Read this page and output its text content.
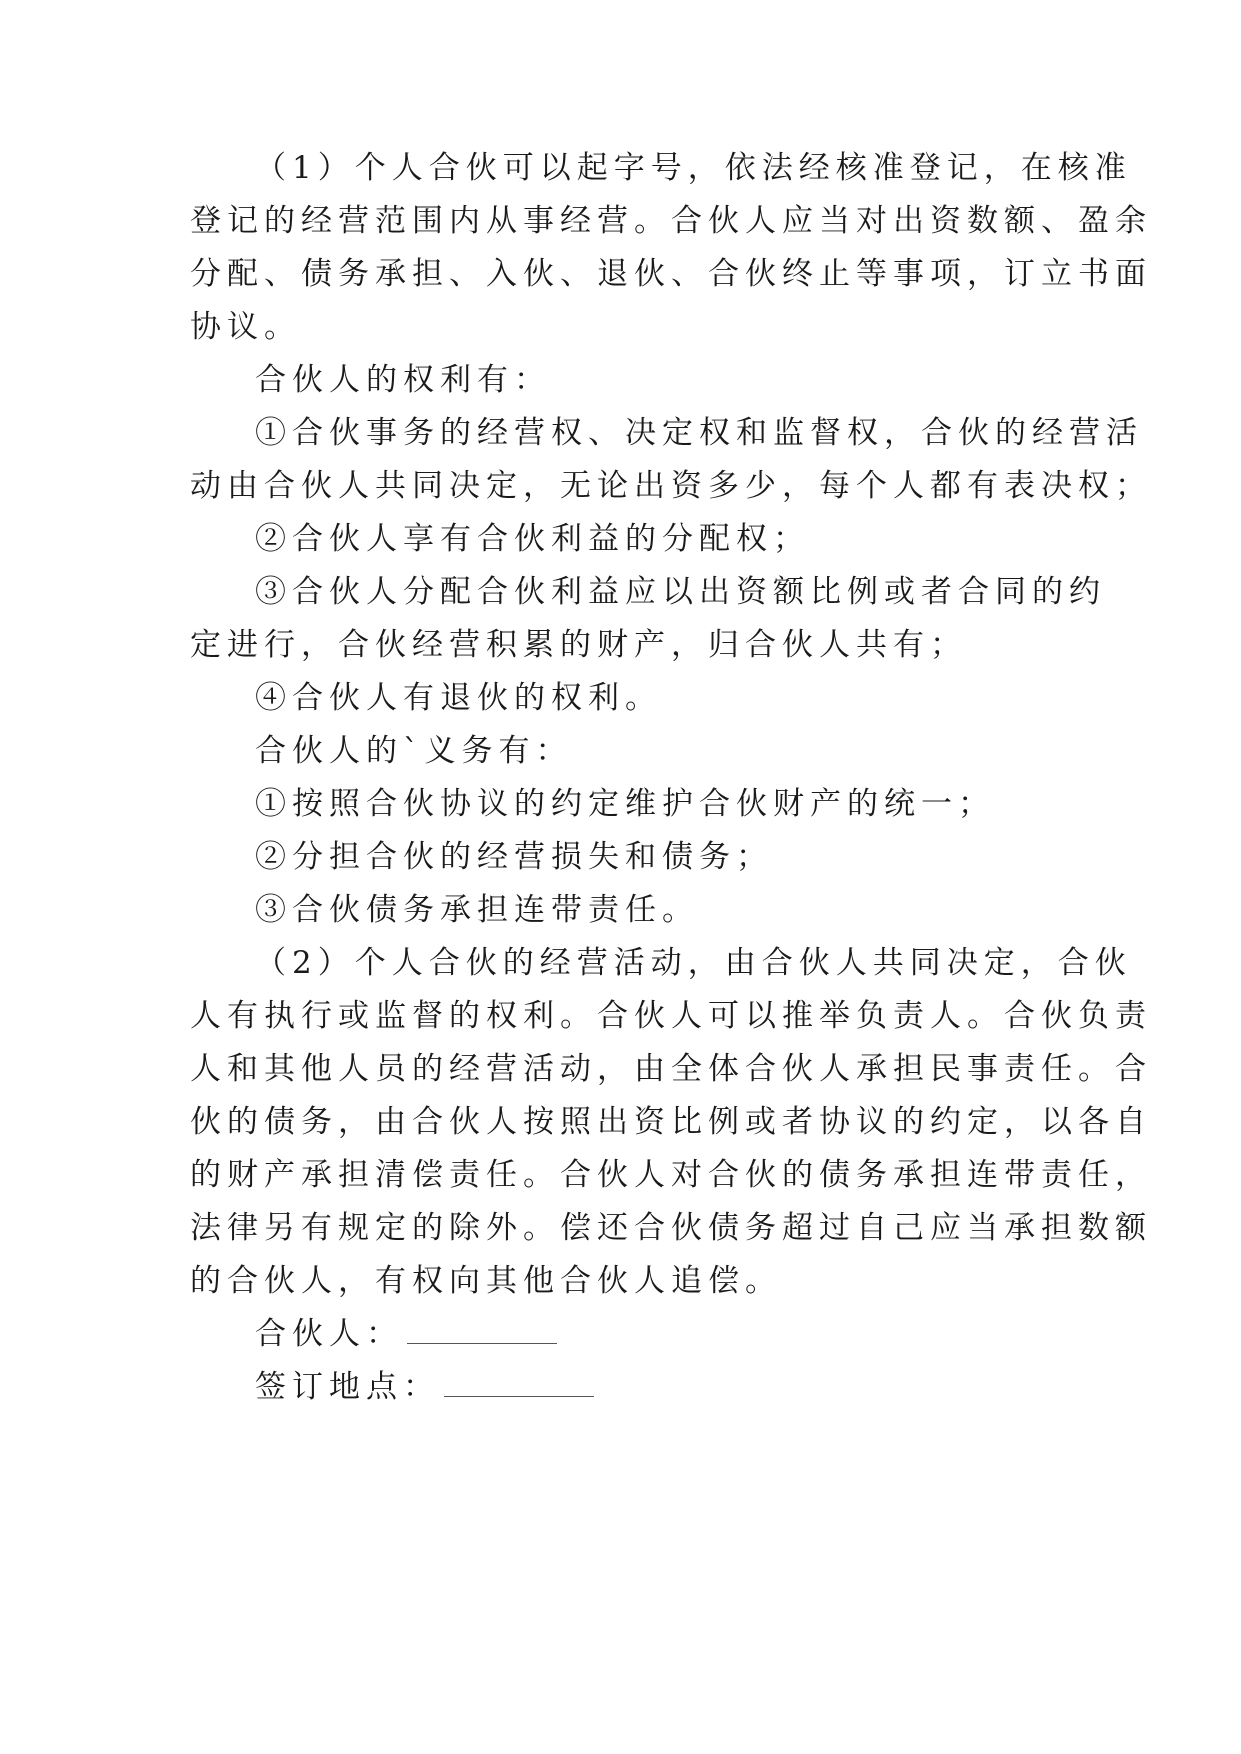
（1）个人合伙可以起字号，依法经核准登记，在核准
登记的经营范围内从事经营。合伙人应当对出资数额、盈余
分配、债务承担、入伙、退伙、合伙终止等事项，订立书面
协议。
合伙人的权利有：
①合伙事务的经营权、决定权和监督权，合伙的经营活
动由合伙人共同决定，无论出资多少，每个人都有表决权；
②合伙人享有合伙利益的分配权；
③合伙人分配合伙利益应以出资额比例或者合同的约
定进行，合伙经营积累的财产，归合伙人共有；
④合伙人有退伙的权利。
合伙人的`义务有：
①按照合伙协议的约定维护合伙财产的统一；
②分担合伙的经营损失和债务；
③合伙债务承担连带责任。
（2）个人合伙的经营活动，由合伙人共同决定，合伙
人有执行或监督的权利。合伙人可以推举负责人。合伙负责
人和其他人员的经营活动，由全体合伙人承担民事责任。合
伙的债务，由合伙人按照出资比例或者协议的约定，以各自
的财产承担清偿责任。合伙人对合伙的债务承担连带责任，
法律另有规定的除外。偿还合伙债务超过自己应当承担数额
的合伙人，有权向其他合伙人追偿。
合伙人：
签订地点：
